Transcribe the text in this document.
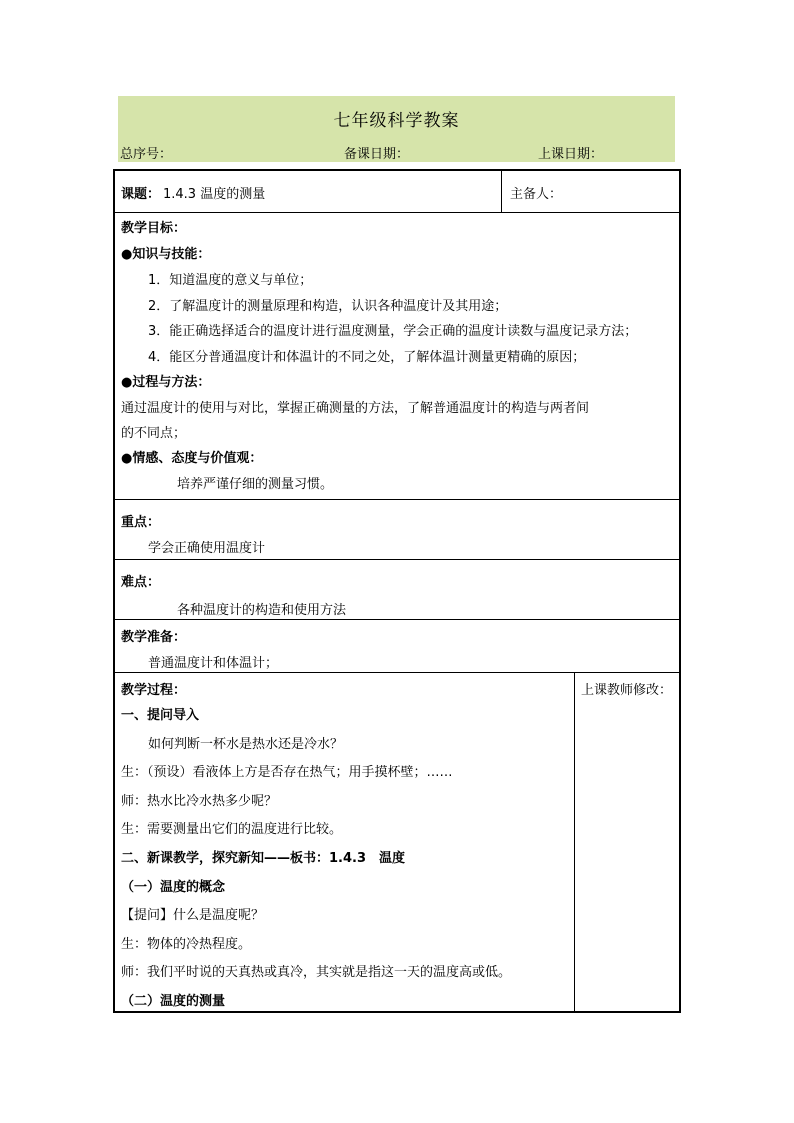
七年级科学教案
总序号：	备课日期：	上课日期：
课题： 1.4.3 温度的测量	主备人：
教学目标：
●知识与技能：
1．知道温度的意义与单位；
2．了解温度计的测量原理和构造，认识各种温度计及其用途；
3．能正确选择适合的温度计进行温度测量，学会正确的温度计读数与温度记录方法；
4．能区分普通温度计和体温计的不同之处，了解体温计测量更精确的原因；
●过程与方法：
通过温度计的使用与对比，掌握正确测量的方法，了解普通温度计的构造与两者间
的不同点；
●情感、态度与价值观：
培养严谨仔细的测量习惯。
重点：
学会正确使用温度计
难点：
各种温度计的构造和使用方法
教学准备：
普通温度计和体温计；
教学过程：	上课教师修改：
一、提问导入
如何判断一杯水是热水还是冷水？
生：（预设）看液体上方是否存在热气；用手摸杯壁；……
师：热水比冷水热多少呢？
生：需要测量出它们的温度进行比较。
二、新课教学，探究新知——板书：1.4.3　温度
（一）温度的概念
【提问】什么是温度呢？
生：物体的冷热程度。
师：我们平时说的天真热或真冷，其实就是指这一天的温度高或低。
（二）温度的测量
